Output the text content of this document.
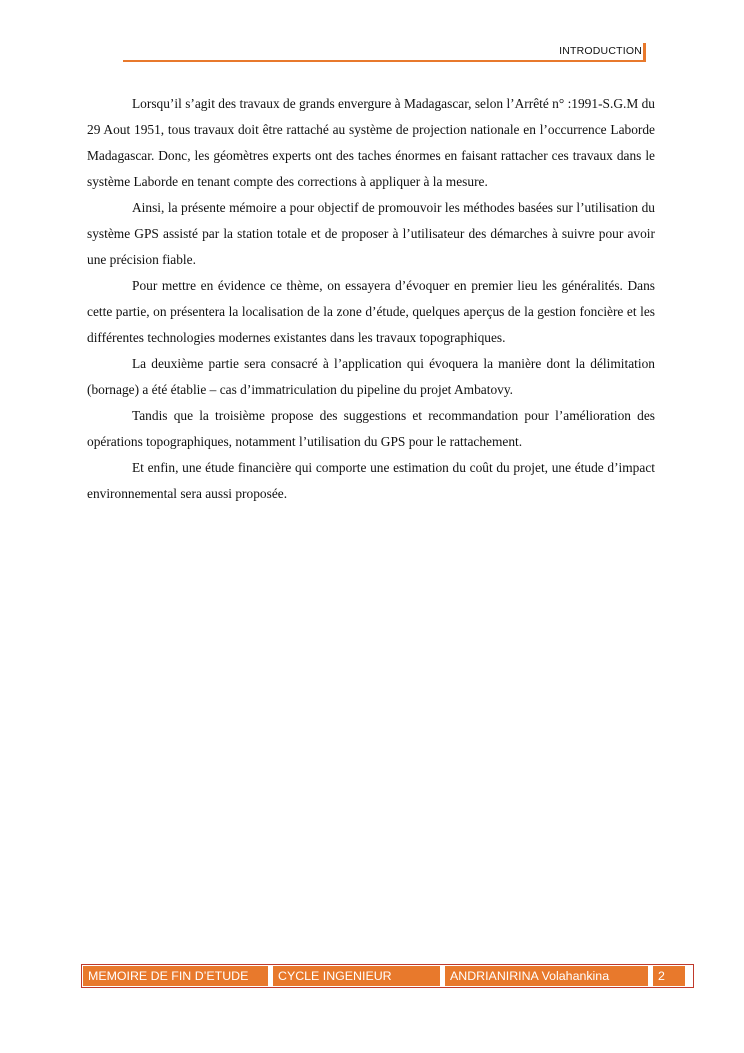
INTRODUCTION

Lorsqu’il s’agit des travaux de grands envergure à Madagascar, selon l’Arrêté n° :1991-S.G.M du 29 Aout 1951, tous travaux doit être rattaché au système de projection nationale en l’occurrence Laborde Madagascar. Donc, les géomètres experts ont des taches énormes en faisant rattacher ces travaux dans le système Laborde en tenant compte des corrections à appliquer à la mesure.

Ainsi, la présente mémoire a pour objectif de promouvoir les méthodes basées sur l’utilisation du système GPS assisté par la station totale et de proposer à l’utilisateur des démarches à suivre pour avoir une précision fiable.

Pour mettre en évidence ce thème, on essayera d’évoquer en premier lieu les généralités. Dans cette partie, on présentera la localisation de la zone d’étude, quelques aperçus de la gestion foncière et les différentes technologies modernes existantes dans les travaux topographiques.

La deuxième partie sera consacré à l’application qui évoquera la manière dont la délimitation (bornage) a été établie – cas d’immatriculation du pipeline du projet Ambatovy.

Tandis que la troisième propose des suggestions et recommandation pour l’amélioration des opérations topographiques, notamment l’utilisation du GPS pour le rattachement.

Et enfin, une étude financière qui comporte une estimation du coût du projet, une étude d’impact environnemental sera aussi proposée.

MEMOIRE DE FIN D’ETUDE	CYCLE INGENIEUR	ANDRIANIRINA Volahankina	2
